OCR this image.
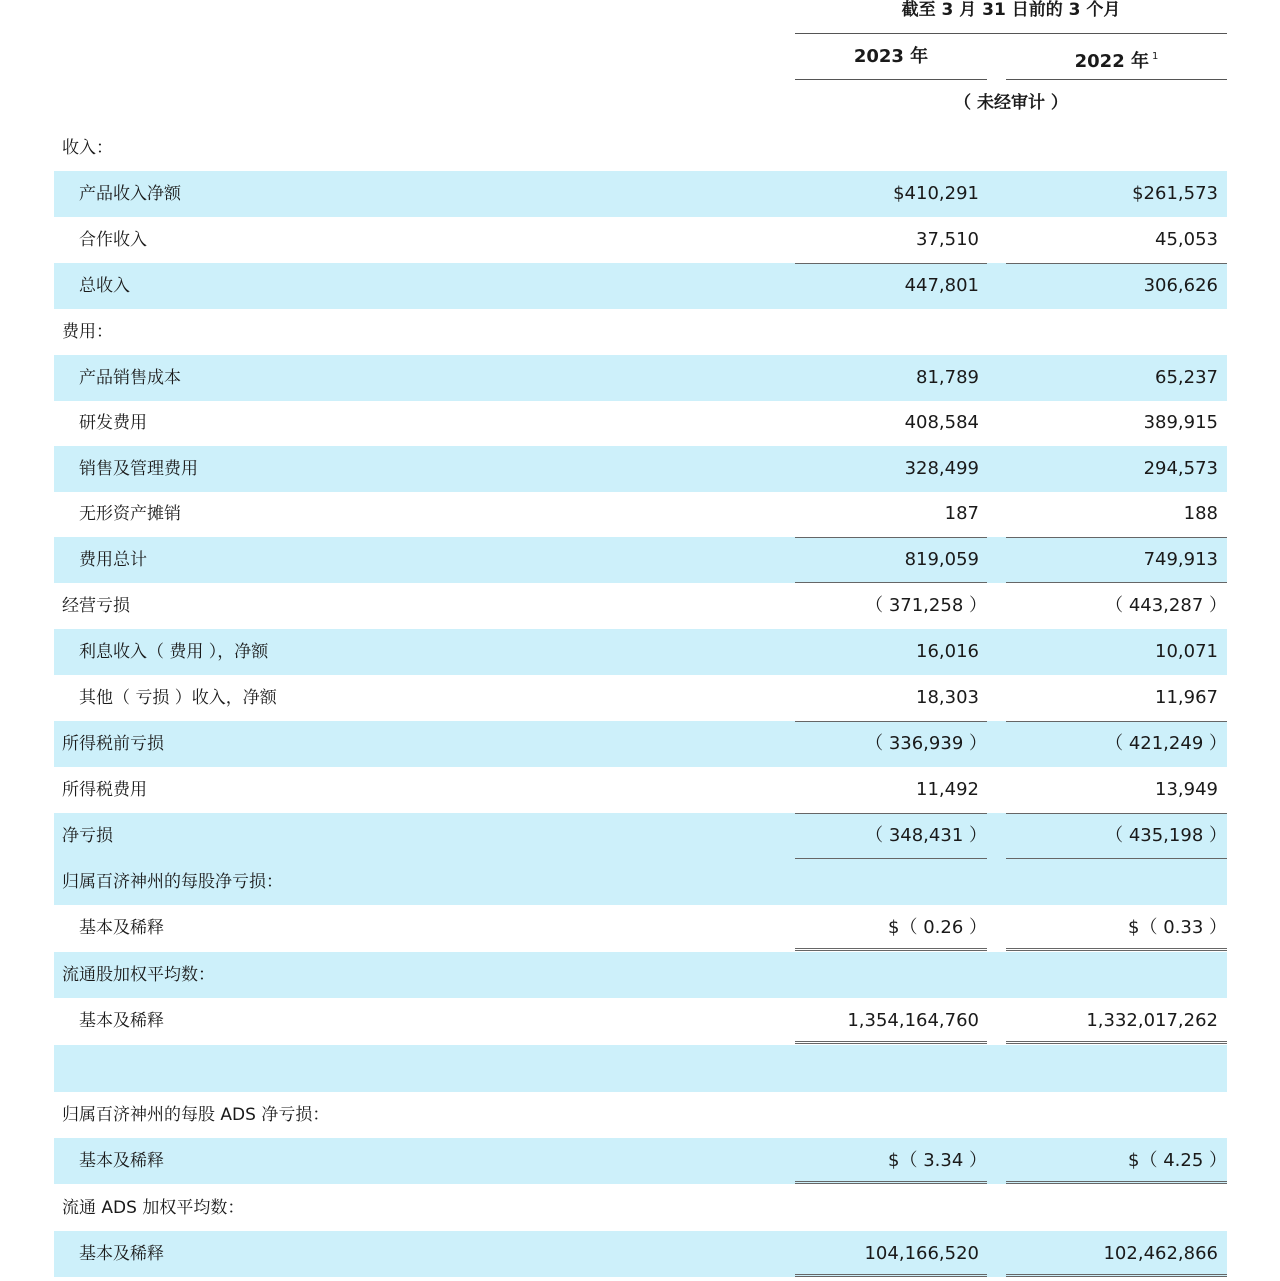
截至 3 月 31 日前的 3 个月
2023 年	2022 年 $^1$
（ 未经审计 ）
收入：
产品收入净额	$410,291	$261,573
合作收入	37,510	45,053
总收入	447,801	306,626
费用：
产品销售成本	81,789	65,237
研发费用	408,584	389,915
销售及管理费用	328,499	294,573
无形资产摊销	187	188
费用总计	819,059	749,913
经营亏损	（ 371,258 ）	（ 443,287 ）
利息收入（ 费用 ），净额	16,016	10,071
其他（ 亏损 ）收入，净额	18,303	11,967
所得税前亏损	（ 336,939 ）	（ 421,249 ）
所得税费用	11,492	13,949
净亏损	（ 348,431 ）	（ 435,198 ）
归属百济神州的每股净亏损：
基本及稀释	$（ 0.26 ）	$（ 0.33 ）
流通股加权平均数：
基本及稀释	1,354,164,760	1,332,017,262
归属百济神州的每股 ADS 净亏损：
基本及稀释	$（ 3.34 ）	$（ 4.25 ）
流通 ADS 加权平均数：
基本及稀释	104,166,520	102,462,866
